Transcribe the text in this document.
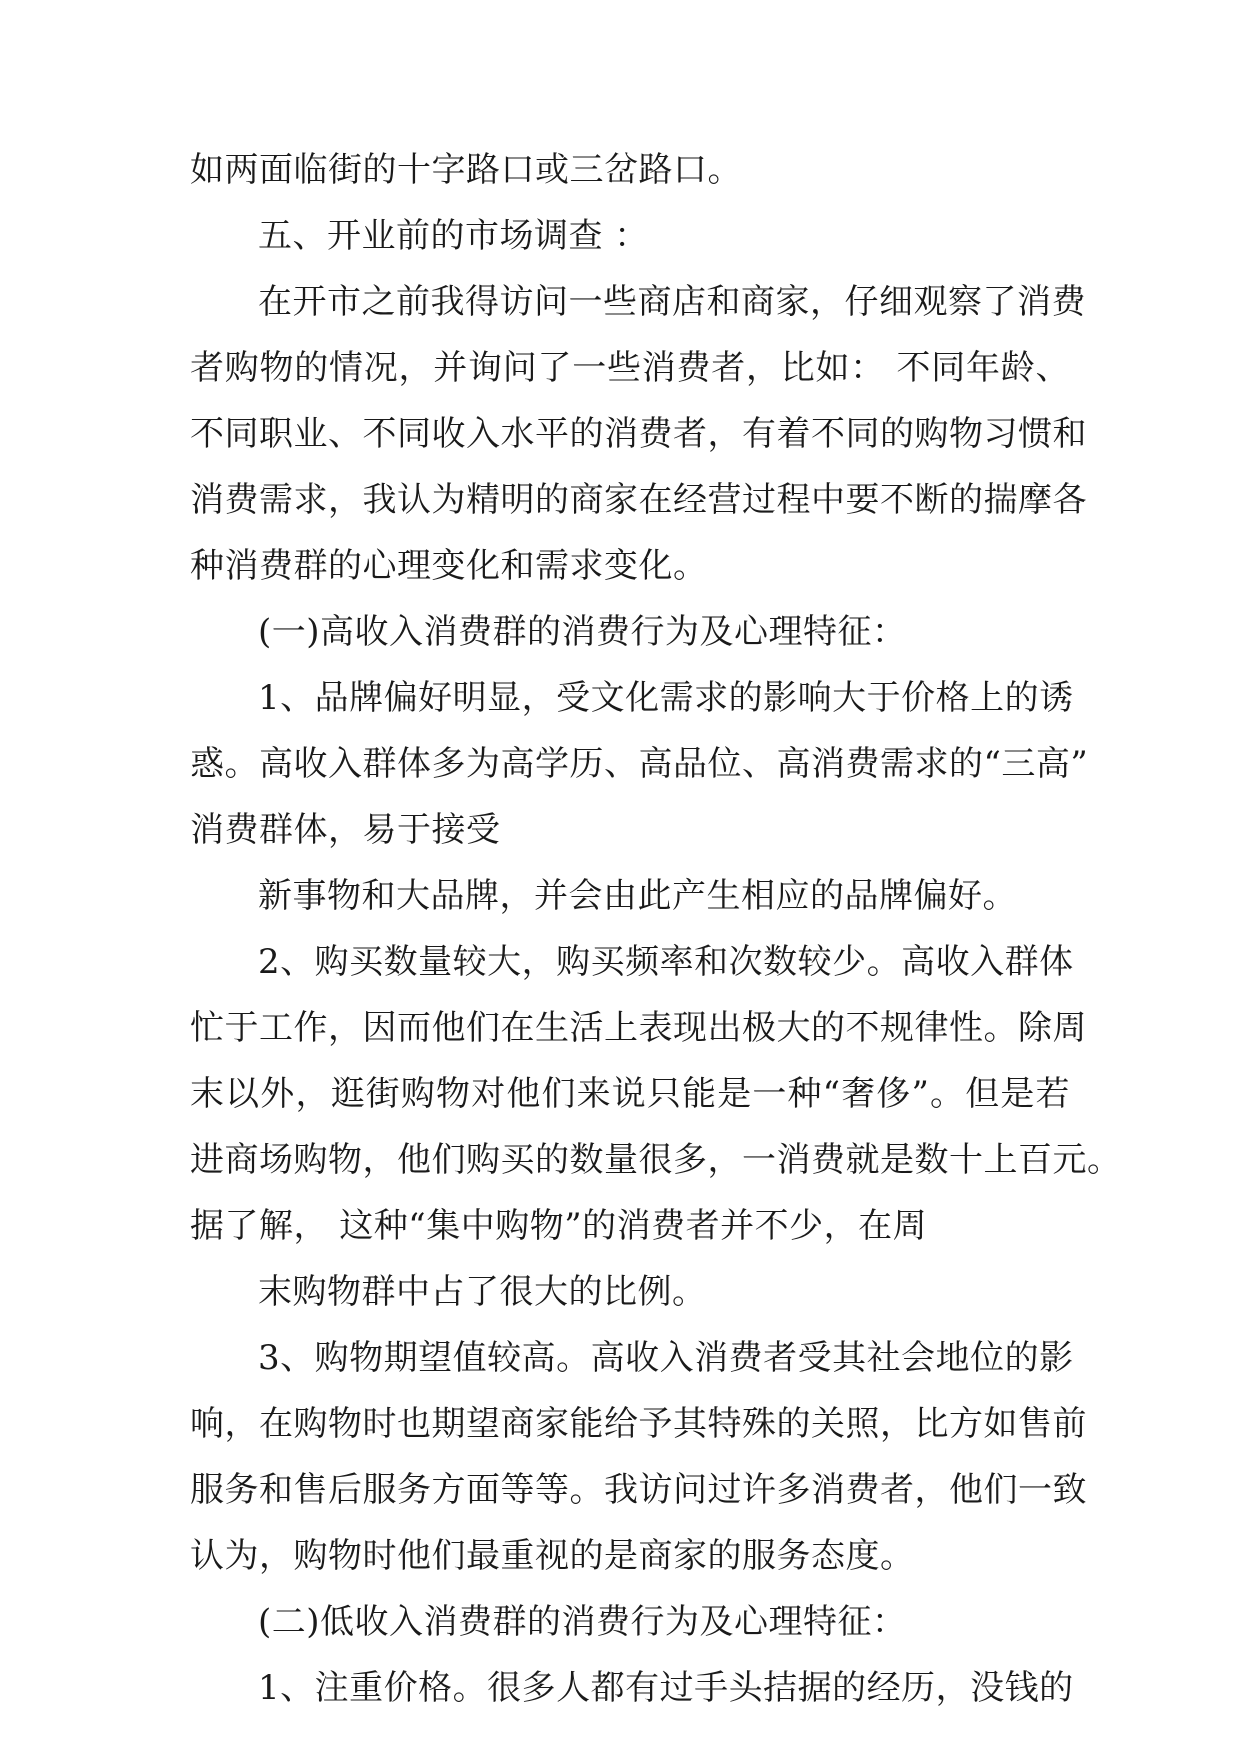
如两面临街的十字路口或三岔路口。
五、开业前的市场调查 ：
在开市之前我得访问一些商店和商家，仔细观察了消费
者购物的情况，并询问了一些消费者，比如： 不同年龄、
不同职业、不同收入水平的消费者，有着不同的购物习惯和
消费需求，我认为精明的商家在经营过程中要不断的揣摩各
种消费群的心理变化和需求变化。
(一)高收入消费群的消费行为及心理特征：
1、品牌偏好明显，受文化需求的影响大于价格上的诱
惑。高收入群体多为高学历、高品位、高消费需求的“三高”
消费群体，易于接受
新事物和大品牌，并会由此产生相应的品牌偏好。
2、购买数量较大，购买频率和次数较少。高收入群体
忙于工作，因而他们在生活上表现出极大的不规律性。除周
末以外，逛街购物对他们来说只能是一种“奢侈”。但是若
进商场购物，他们购买的数量很多，一消费就是数十上百元。
据了解， 这种“集中购物”的消费者并不少，在周
末购物群中占了很大的比例。
3、购物期望值较高。高收入消费者受其社会地位的影
响，在购物时也期望商家能给予其特殊的关照，比方如售前
服务和售后服务方面等等。我访问过许多消费者，他们一致
认为，购物时他们最重视的是商家的服务态度。
(二)低收入消费群的消费行为及心理特征：
1、注重价格。很多人都有过手头拮据的经历，没钱的
